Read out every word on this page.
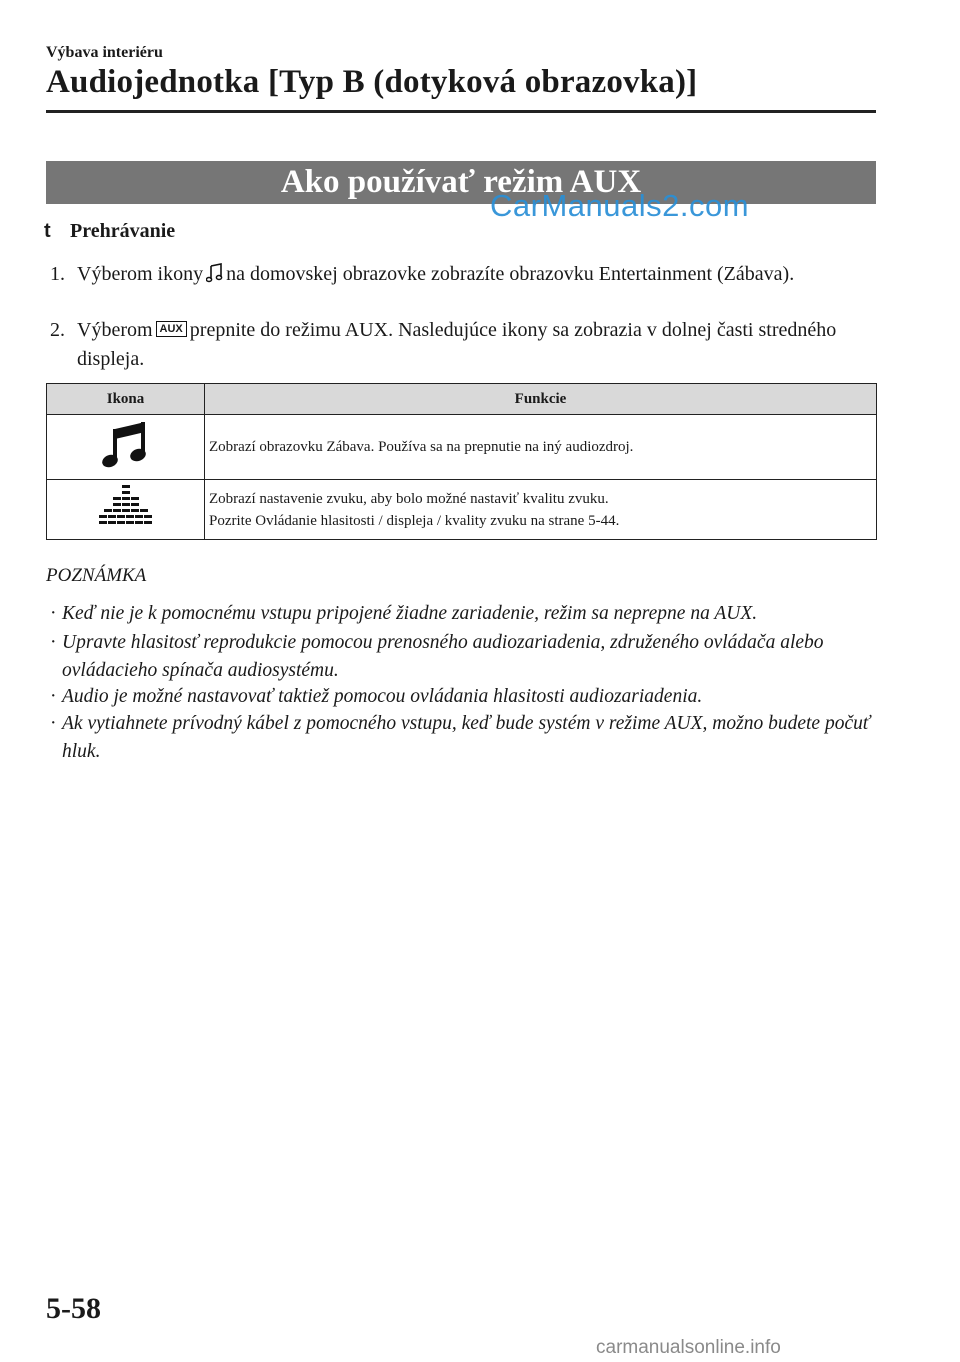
Výbava interiéru
Audiojednotka [Typ B (dotyková obrazovka)]
Ako používať režim AUX
CarManuals2.com
t Prehrávanie
1. Výberom ikony na domovskej obrazovke zobrazíte obrazovku Entertainment (Zábava).
2. Výberom AUX prepnite do režimu AUX. Nasledujúce ikony sa zobrazia v dolnej časti stredného displeja.
Ikona	Funkcie

Zobrazí obrazovku Zábava. Používa sa na prepnutie na iný audiozdroj.

Zobrazí nastavenie zvuku, aby bolo možné nastaviť kvalitu zvuku.
Pozrite Ovládanie hlasitosti / displeja / kvality zvuku na strane 5-44.
POZNÁMKA
· Keď nie je k pomocnému vstupu pripojené žiadne zariadenie, režim sa neprepne na AUX.
· Upravte hlasitosť reprodukcie pomocou prenosného audiozariadenia, združeného ovládača alebo ovládacieho spínača audiosystému.
· Audio je možné nastavovať taktiež pomocou ovládania hlasitosti audiozariadenia.
· Ak vytiahnete prívodný kábel z pomocného vstupu, keď bude systém v režime AUX, možno budete počuť hluk.
5-58
carmanualsonline.info
